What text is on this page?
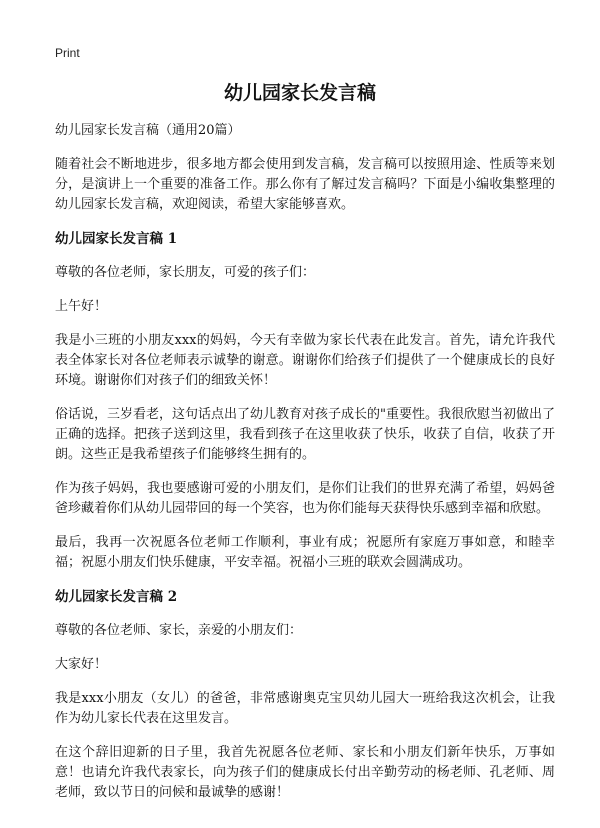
Print
幼儿园家长发言稿

幼儿园家长发言稿（通用20篇）

随着社会不断地进步，很多地方都会使用到发言稿，发言稿可以按照用途、性质等来划分，是演讲上一个重要的准备工作。那么你有了解过发言稿吗？下面是小编收集整理的幼儿园家长发言稿，欢迎阅读，希望大家能够喜欢。

幼儿园家长发言稿 1

尊敬的各位老师，家长朋友，可爱的孩子们：

上午好！

我是小三班的小朋友xxx的妈妈，今天有幸做为家长代表在此发言。首先，请允许我代表全体家长对各位老师表示诚挚的谢意。谢谢你们给孩子们提供了一个健康成长的良好环境。谢谢你们对孩子们的细致关怀！

俗话说，三岁看老，这句话点出了幼儿教育对孩子成长的"重要性。我很欣慰当初做出了正确的选择。把孩子送到这里，我看到孩子在这里收获了快乐，收获了自信，收获了开朗。这些正是我希望孩子们能够终生拥有的。

作为孩子妈妈，我也要感谢可爱的小朋友们，是你们让我们的世界充满了希望，妈妈爸爸珍藏着你们从幼儿园带回的每一个笑容，也为你们能每天获得快乐感到幸福和欣慰。

最后，我再一次祝愿各位老师工作顺利，事业有成；祝愿所有家庭万事如意，和睦幸福；祝愿小朋友们快乐健康，平安幸福。祝福小三班的联欢会圆满成功。

幼儿园家长发言稿 2

尊敬的各位老师、家长，亲爱的小朋友们：

大家好！

我是xxx小朋友（女儿）的爸爸，非常感谢奥克宝贝幼儿园大一班给我这次机会，让我作为幼儿家长代表在这里发言。

在这个辞旧迎新的日子里，我首先祝愿各位老师、家长和小朋友们新年快乐，万事如意！也请允许我代表家长，向为孩子们的健康成长付出辛勤劳动的杨老师、孔老师、周老师，致以节日的问候和最诚挚的感谢！
